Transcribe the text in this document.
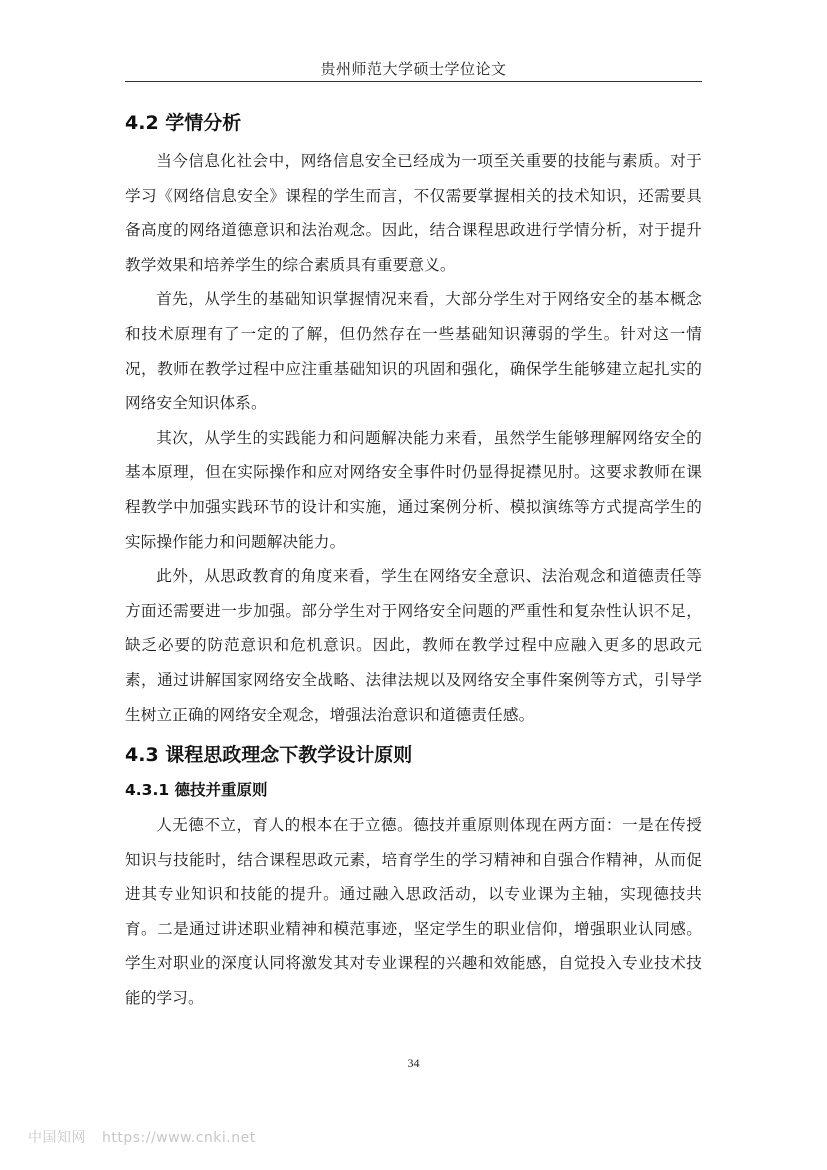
贵州师范大学硕士学位论文
4.2 学情分析

当今信息化社会中，网络信息安全已经成为一项至关重要的技能与素质。对于学习《网络信息安全》课程的学生而言，不仅需要掌握相关的技术知识，还需要具备高度的网络道德意识和法治观念。因此，结合课程思政进行学情分析，对于提升教学效果和培养学生的综合素质具有重要意义。

首先，从学生的基础知识掌握情况来看，大部分学生对于网络安全的基本概念和技术原理有了一定的了解，但仍然存在一些基础知识薄弱的学生。针对这一情况，教师在教学过程中应注重基础知识的巩固和强化，确保学生能够建立起扎实的网络安全知识体系。

其次，从学生的实践能力和问题解决能力来看，虽然学生能够理解网络安全的基本原理，但在实际操作和应对网络安全事件时仍显得捉襟见肘。这要求教师在课程教学中加强实践环节的设计和实施，通过案例分析、模拟演练等方式提高学生的实际操作能力和问题解决能力。

此外，从思政教育的角度来看，学生在网络安全意识、法治观念和道德责任等方面还需要进一步加强。部分学生对于网络安全问题的严重性和复杂性认识不足，缺乏必要的防范意识和危机意识。因此，教师在教学过程中应融入更多的思政元素，通过讲解国家网络安全战略、法律法规以及网络安全事件案例等方式，引导学生树立正确的网络安全观念，增强法治意识和道德责任感。

4.3 课程思政理念下教学设计原则
4.3.1 德技并重原则

人无德不立，育人的根本在于立德。德技并重原则体现在两方面：一是在传授知识与技能时，结合课程思政元素，培育学生的学习精神和自强合作精神，从而促进其专业知识和技能的提升。通过融入思政活动，以专业课为主轴，实现德技共育。二是通过讲述职业精神和模范事迹，坚定学生的职业信仰，增强职业认同感。学生对职业的深度认同将激发其对专业课程的兴趣和效能感，自觉投入专业技术技能的学习。

34
中国知网 https://www.cnki.net
